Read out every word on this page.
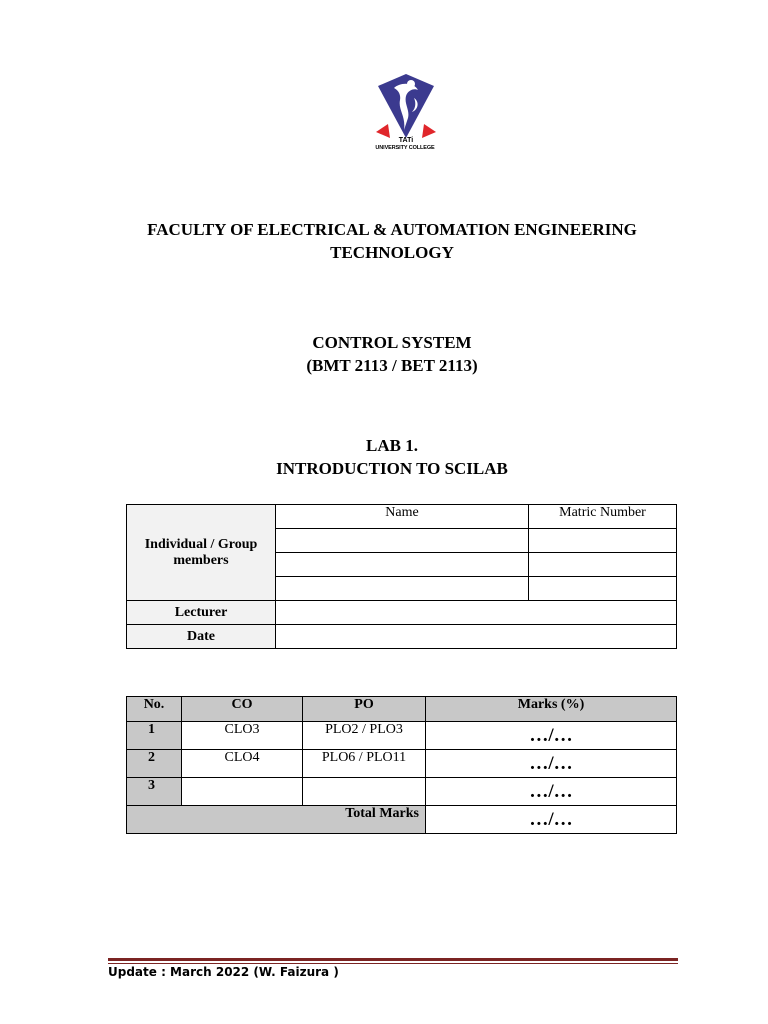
TATi
UNIVERSITY COLLEGE
FACULTY OF ELECTRICAL & AUTOMATION ENGINEERING
TECHNOLOGY
CONTROL SYSTEM
(BMT 2113 / BET 2113)
LAB 1.
INTRODUCTION TO SCILAB
Individual / Group members	Name	Matric Number

Lecturer		
Date		
No.	CO	PO	Marks (%)
1	CLO3	PLO2 / PLO3	…/…
2	CLO4	PLO6 / PLO11	…/…
3			…/…
Total Marks			…/…
Update : March 2022 (W. Faizura )
